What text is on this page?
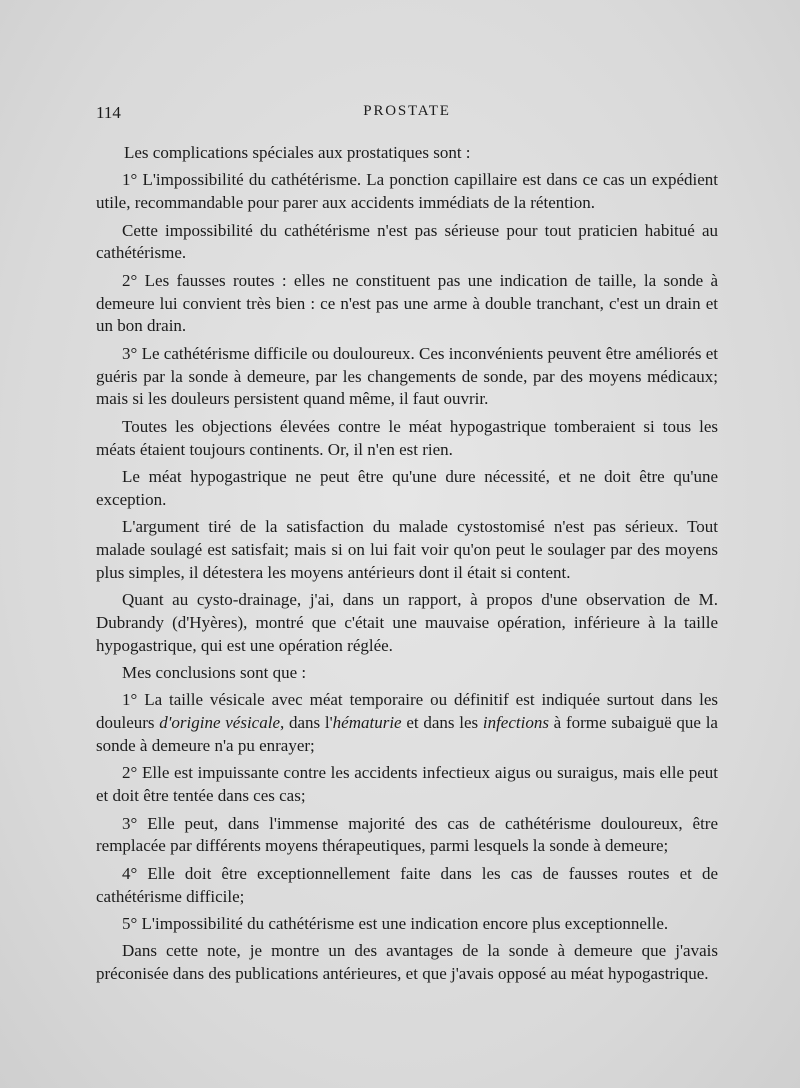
114	PROSTATE

Les complications spéciales aux prostatiques sont :

1° L'impossibilité du cathétérisme. La ponction capillaire est dans ce cas un expédient utile, recommandable pour parer aux accidents immédiats de la rétention.

Cette impossibilité du cathétérisme n'est pas sérieuse pour tout praticien habitué au cathétérisme.

2° Les fausses routes : elles ne constituent pas une indication de taille, la sonde à demeure lui convient très bien : ce n'est pas une arme à double tranchant, c'est un drain et un bon drain.

3° Le cathétérisme difficile ou douloureux. Ces inconvénients peuvent être améliorés et guéris par la sonde à demeure, par les changements de sonde, par des moyens médicaux; mais si les douleurs persistent quand même, il faut ouvrir.

Toutes les objections élevées contre le méat hypogastrique tomberaient si tous les méats étaient toujours continents. Or, il n'en est rien.

Le méat hypogastrique ne peut être qu'une dure nécessité, et ne doit être qu'une exception.

L'argument tiré de la satisfaction du malade cystostomisé n'est pas sérieux. Tout malade soulagé est satisfait; mais si on lui fait voir qu'on peut le soulager par des moyens plus simples, il détestera les moyens antérieurs dont il était si content.

Quant au cysto-drainage, j'ai, dans un rapport, à propos d'une observation de M. Dubrandy (d'Hyères), montré que c'était une mauvaise opération, inférieure à la taille hypogastrique, qui est une opération réglée.

Mes conclusions sont que :

1° La taille vésicale avec méat temporaire ou définitif est indiquée surtout dans les douleurs d'origine vésicale, dans l'hématurie et dans les infections à forme subaiguë que la sonde à demeure n'a pu enrayer;

2° Elle est impuissante contre les accidents infectieux aigus ou suraigus, mais elle peut et doit être tentée dans ces cas;

3° Elle peut, dans l'immense majorité des cas de cathétérisme douloureux, être remplacée par différents moyens thérapeutiques, parmi lesquels la sonde à demeure;

4° Elle doit être exceptionnellement faite dans les cas de fausses routes et de cathétérisme difficile;

5° L'impossibilité du cathétérisme est une indication encore plus exceptionnelle.

Dans cette note, je montre un des avantages de la sonde à demeure que j'avais préconisée dans des publications antérieures, et que j'avais opposé au méat hypogastrique.
